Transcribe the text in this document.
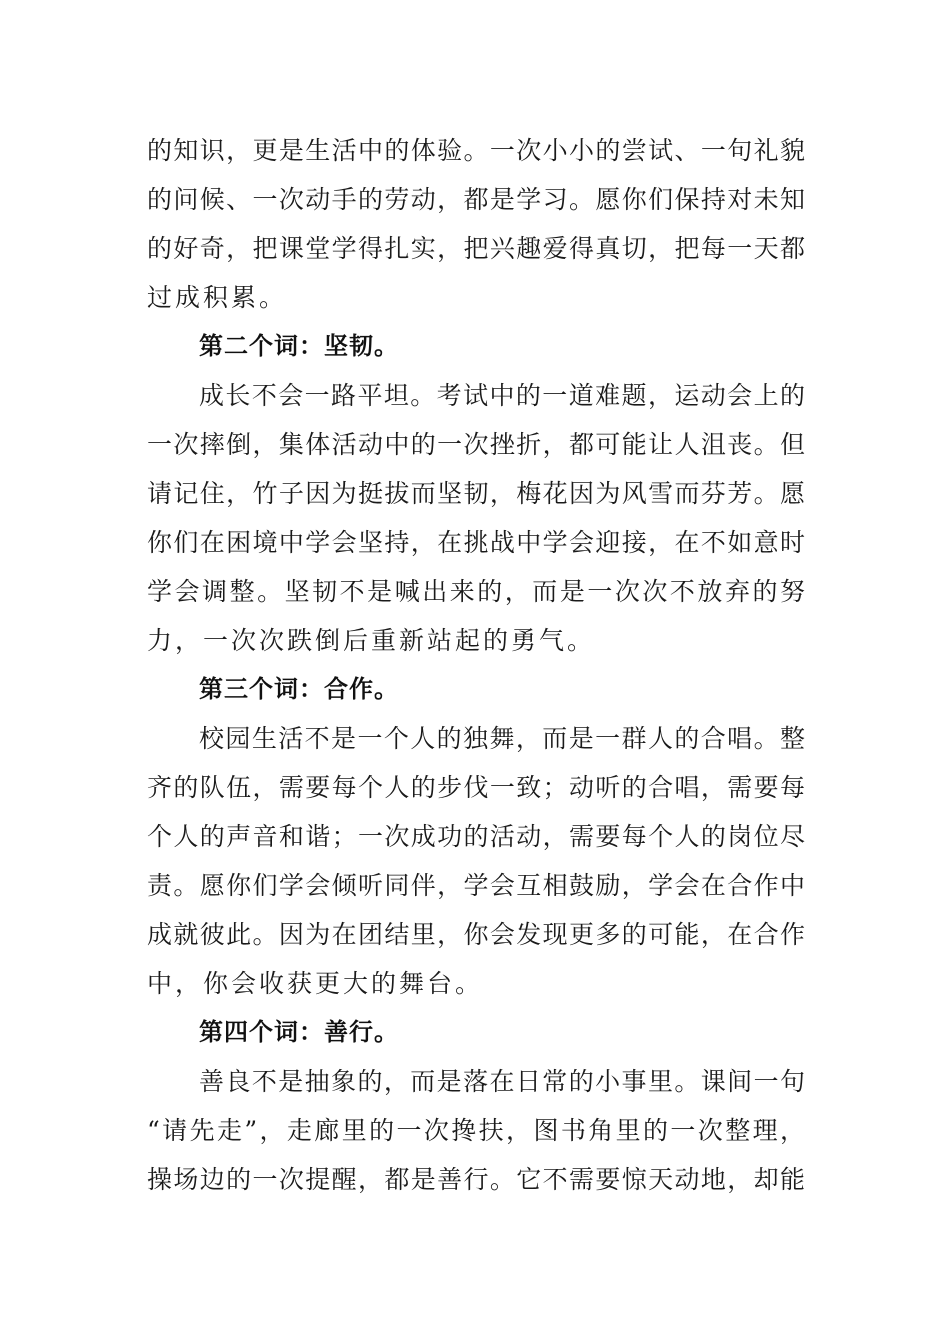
的知识，更是生活中的体验。一次小小的尝试、一句礼貌
的问候、一次动手的劳动，都是学习。愿你们保持对未知
的好奇，把课堂学得扎实，把兴趣爱得真切，把每一天都
过成积累。
第二个词：坚韧。
成长不会一路平坦。考试中的一道难题，运动会上的
一次摔倒，集体活动中的一次挫折，都可能让人沮丧。但
请记住，竹子因为挺拔而坚韧，梅花因为风雪而芬芳。愿
你们在困境中学会坚持，在挑战中学会迎接，在不如意时
学会调整。坚韧不是喊出来的，而是一次次不放弃的努
力，一次次跌倒后重新站起的勇气。
第三个词：合作。
校园生活不是一个人的独舞，而是一群人的合唱。整
齐的队伍，需要每个人的步伐一致；动听的合唱，需要每
个人的声音和谐；一次成功的活动，需要每个人的岗位尽
责。愿你们学会倾听同伴，学会互相鼓励，学会在合作中
成就彼此。因为在团结里，你会发现更多的可能，在合作
中，你会收获更大的舞台。
第四个词：善行。
善良不是抽象的，而是落在日常的小事里。课间一句
“请先走”，走廊里的一次搀扶，图书角里的一次整理，
操场边的一次提醒，都是善行。它不需要惊天动地，却能
